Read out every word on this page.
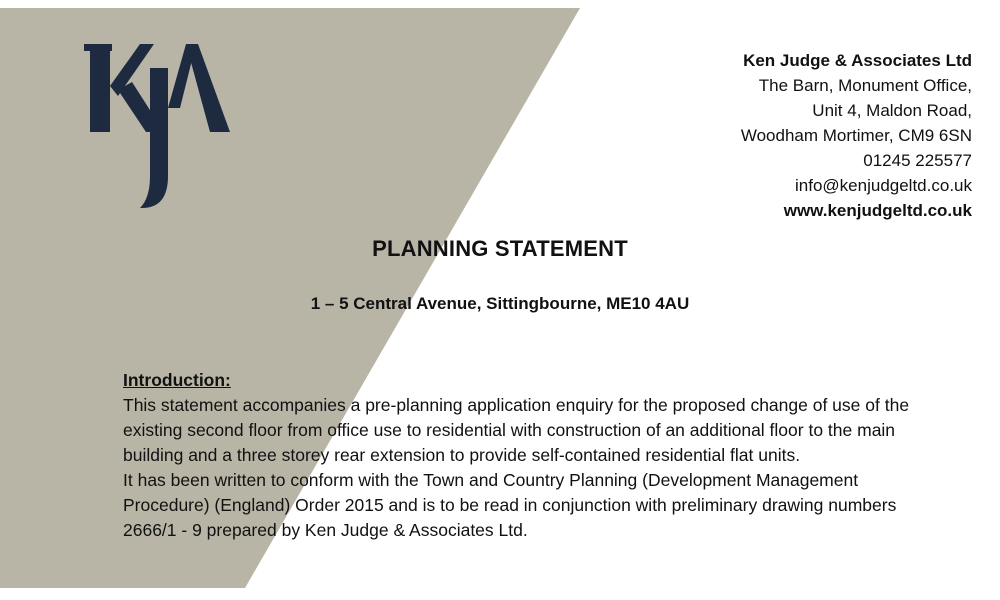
Ken Judge & Associates Ltd
The Barn, Monument Office,
Unit 4, Maldon Road,
Woodham Mortimer, CM9 6SN
01245 225577
info@kenjudgeltd.co.uk
www.kenjudgeltd.co.uk
PLANNING STATEMENT
1 – 5 Central Avenue, Sittingbourne, ME10 4AU
Introduction:

This statement accompanies a pre-planning application enquiry for the proposed change of use of the existing second floor from office use to residential with construction of an additional floor to the main building and a three storey rear extension to provide self-contained residential flat units.

It has been written to conform with the Town and Country Planning (Development Management Procedure) (England) Order 2015 and is to be read in conjunction with preliminary drawing numbers 2666/1 - 9 prepared by Ken Judge & Associates Ltd.
